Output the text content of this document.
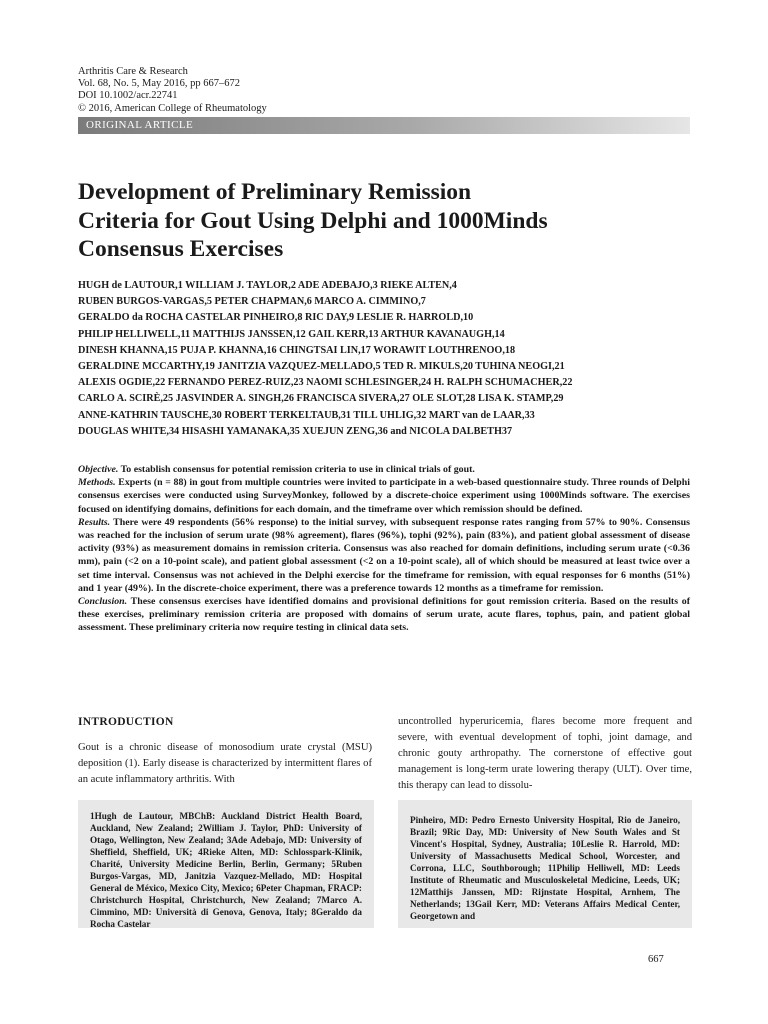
Arthritis Care & Research
Vol. 68, No. 5, May 2016, pp 667–672
DOI 10.1002/acr.22741
© 2016, American College of Rheumatology
ORIGINAL ARTICLE
Development of Preliminary Remission
Criteria for Gout Using Delphi and 1000Minds
Consensus Exercises
HUGH de LAUTOUR,1 WILLIAM J. TAYLOR,2 ADE ADEBAJO,3 RIEKE ALTEN,4
RUBEN BURGOS-VARGAS,5 PETER CHAPMAN,6 MARCO A. CIMMINO,7
GERALDO da ROCHA CASTELAR PINHEIRO,8 RIC DAY,9 LESLIE R. HARROLD,10
PHILIP HELLIWELL,11 MATTHIJS JANSSEN,12 GAIL KERR,13 ARTHUR KAVANAUGH,14
DINESH KHANNA,15 PUJA P. KHANNA,16 CHINGTSAI LIN,17 WORAWIT LOUTHRENOO,18
GERALDINE MCCARTHY,19 JANITZIA VAZQUEZ-MELLADO,5 TED R. MIKULS,20 TUHINA NEOGI,21
ALEXIS OGDIE,22 FERNANDO PEREZ-RUIZ,23 NAOMI SCHLESINGER,24 H. RALPH SCHUMACHER,22
CARLO A. SCIRÈ,25 JASVINDER A. SINGH,26 FRANCISCA SIVERA,27 OLE SLOT,28 LISA K. STAMP,29
ANNE-KATHRIN TAUSCHE,30 ROBERT TERKELTAUB,31 TILL UHLIG,32 MART van de LAAR,33
DOUGLAS WHITE,34 HISASHI YAMANAKA,35 XUEJUN ZENG,36 and NICOLA DALBETH37

Objective. To establish consensus for potential remission criteria to use in clinical trials of gout.

Methods. Experts (n = 88) in gout from multiple countries were invited to participate in a web-based questionnaire study. Three rounds of Delphi consensus exercises were conducted using SurveyMonkey, followed by a discrete-choice experiment using 1000Minds software. The exercises focused on identifying domains, definitions for each domain, and the timeframe over which remission should be defined.

Results. There were 49 respondents (56% response) to the initial survey, with subsequent response rates ranging from 57% to 90%. Consensus was reached for the inclusion of serum urate (98% agreement), flares (96%), tophi (92%), pain (83%), and patient global assessment of disease activity (93%) as measurement domains in remission criteria. Consensus was also reached for domain definitions, including serum urate (<0.36 mm), pain (<2 on a 10-point scale), and patient global assessment (<2 on a 10-point scale), all of which should be measured at least twice over a set time interval. Consensus was not achieved in the Delphi exercise for the timeframe for remission, with equal responses for 6 months (51%) and 1 year (49%). In the discrete-choice experiment, there was a preference towards 12 months as a timeframe for remission.

Conclusion. These consensus exercises have identified domains and provisional definitions for gout remission criteria. Based on the results of these exercises, preliminary remission criteria are proposed with domains of serum urate, acute flares, tophus, pain, and patient global assessment. These preliminary criteria now require testing in clinical data sets.

INTRODUCTION
Gout is a chronic disease of monosodium urate crystal (MSU) deposition (1). Early disease is characterized by intermittent flares of an acute inflammatory arthritis. With
uncontrolled hyperuricemia, flares become more frequent and severe, with eventual development of tophi, joint damage, and chronic gouty arthropathy. The cornerstone of effective gout management is long-term urate lowering therapy (ULT). Over time, this therapy can lead to dissolu-
1Hugh de Lautour, MBChB: Auckland District Health Board, Auckland, New Zealand; 2William J. Taylor, PhD: University of Otago, Wellington, New Zealand; 3Ade Adebajo, MD: University of Sheffield, Sheffield, UK; 4Rieke Alten, MD: Schlosspark-Klinik, Charité, University Medicine Berlin, Berlin, Germany; 5Ruben Burgos-Vargas, MD, Janitzia Vazquez-Mellado, MD: Hospital General de México, Mexico City, Mexico; 6Peter Chapman, FRACP: Christchurch Hospital, Christchurch, New Zealand; 7Marco A. Cimmino, MD: Università di Genova, Genova, Italy; 8Geraldo da Rocha Castelar
Pinheiro, MD: Pedro Ernesto University Hospital, Rio de Janeiro, Brazil; 9Ric Day, MD: University of New South Wales and St Vincent's Hospital, Sydney, Australia; 10Leslie R. Harrold, MD: University of Massachusetts Medical School, Worcester, and Corrona, LLC, Southborough; 11Philip Helliwell, MD: Leeds Institute of Rheumatic and Musculoskeletal Medicine, Leeds, UK; 12Matthijs Janssen, MD: Rijnstate Hospital, Arnhem, The Netherlands; 13Gail Kerr, MD: Veterans Affairs Medical Center, Georgetown and
667
